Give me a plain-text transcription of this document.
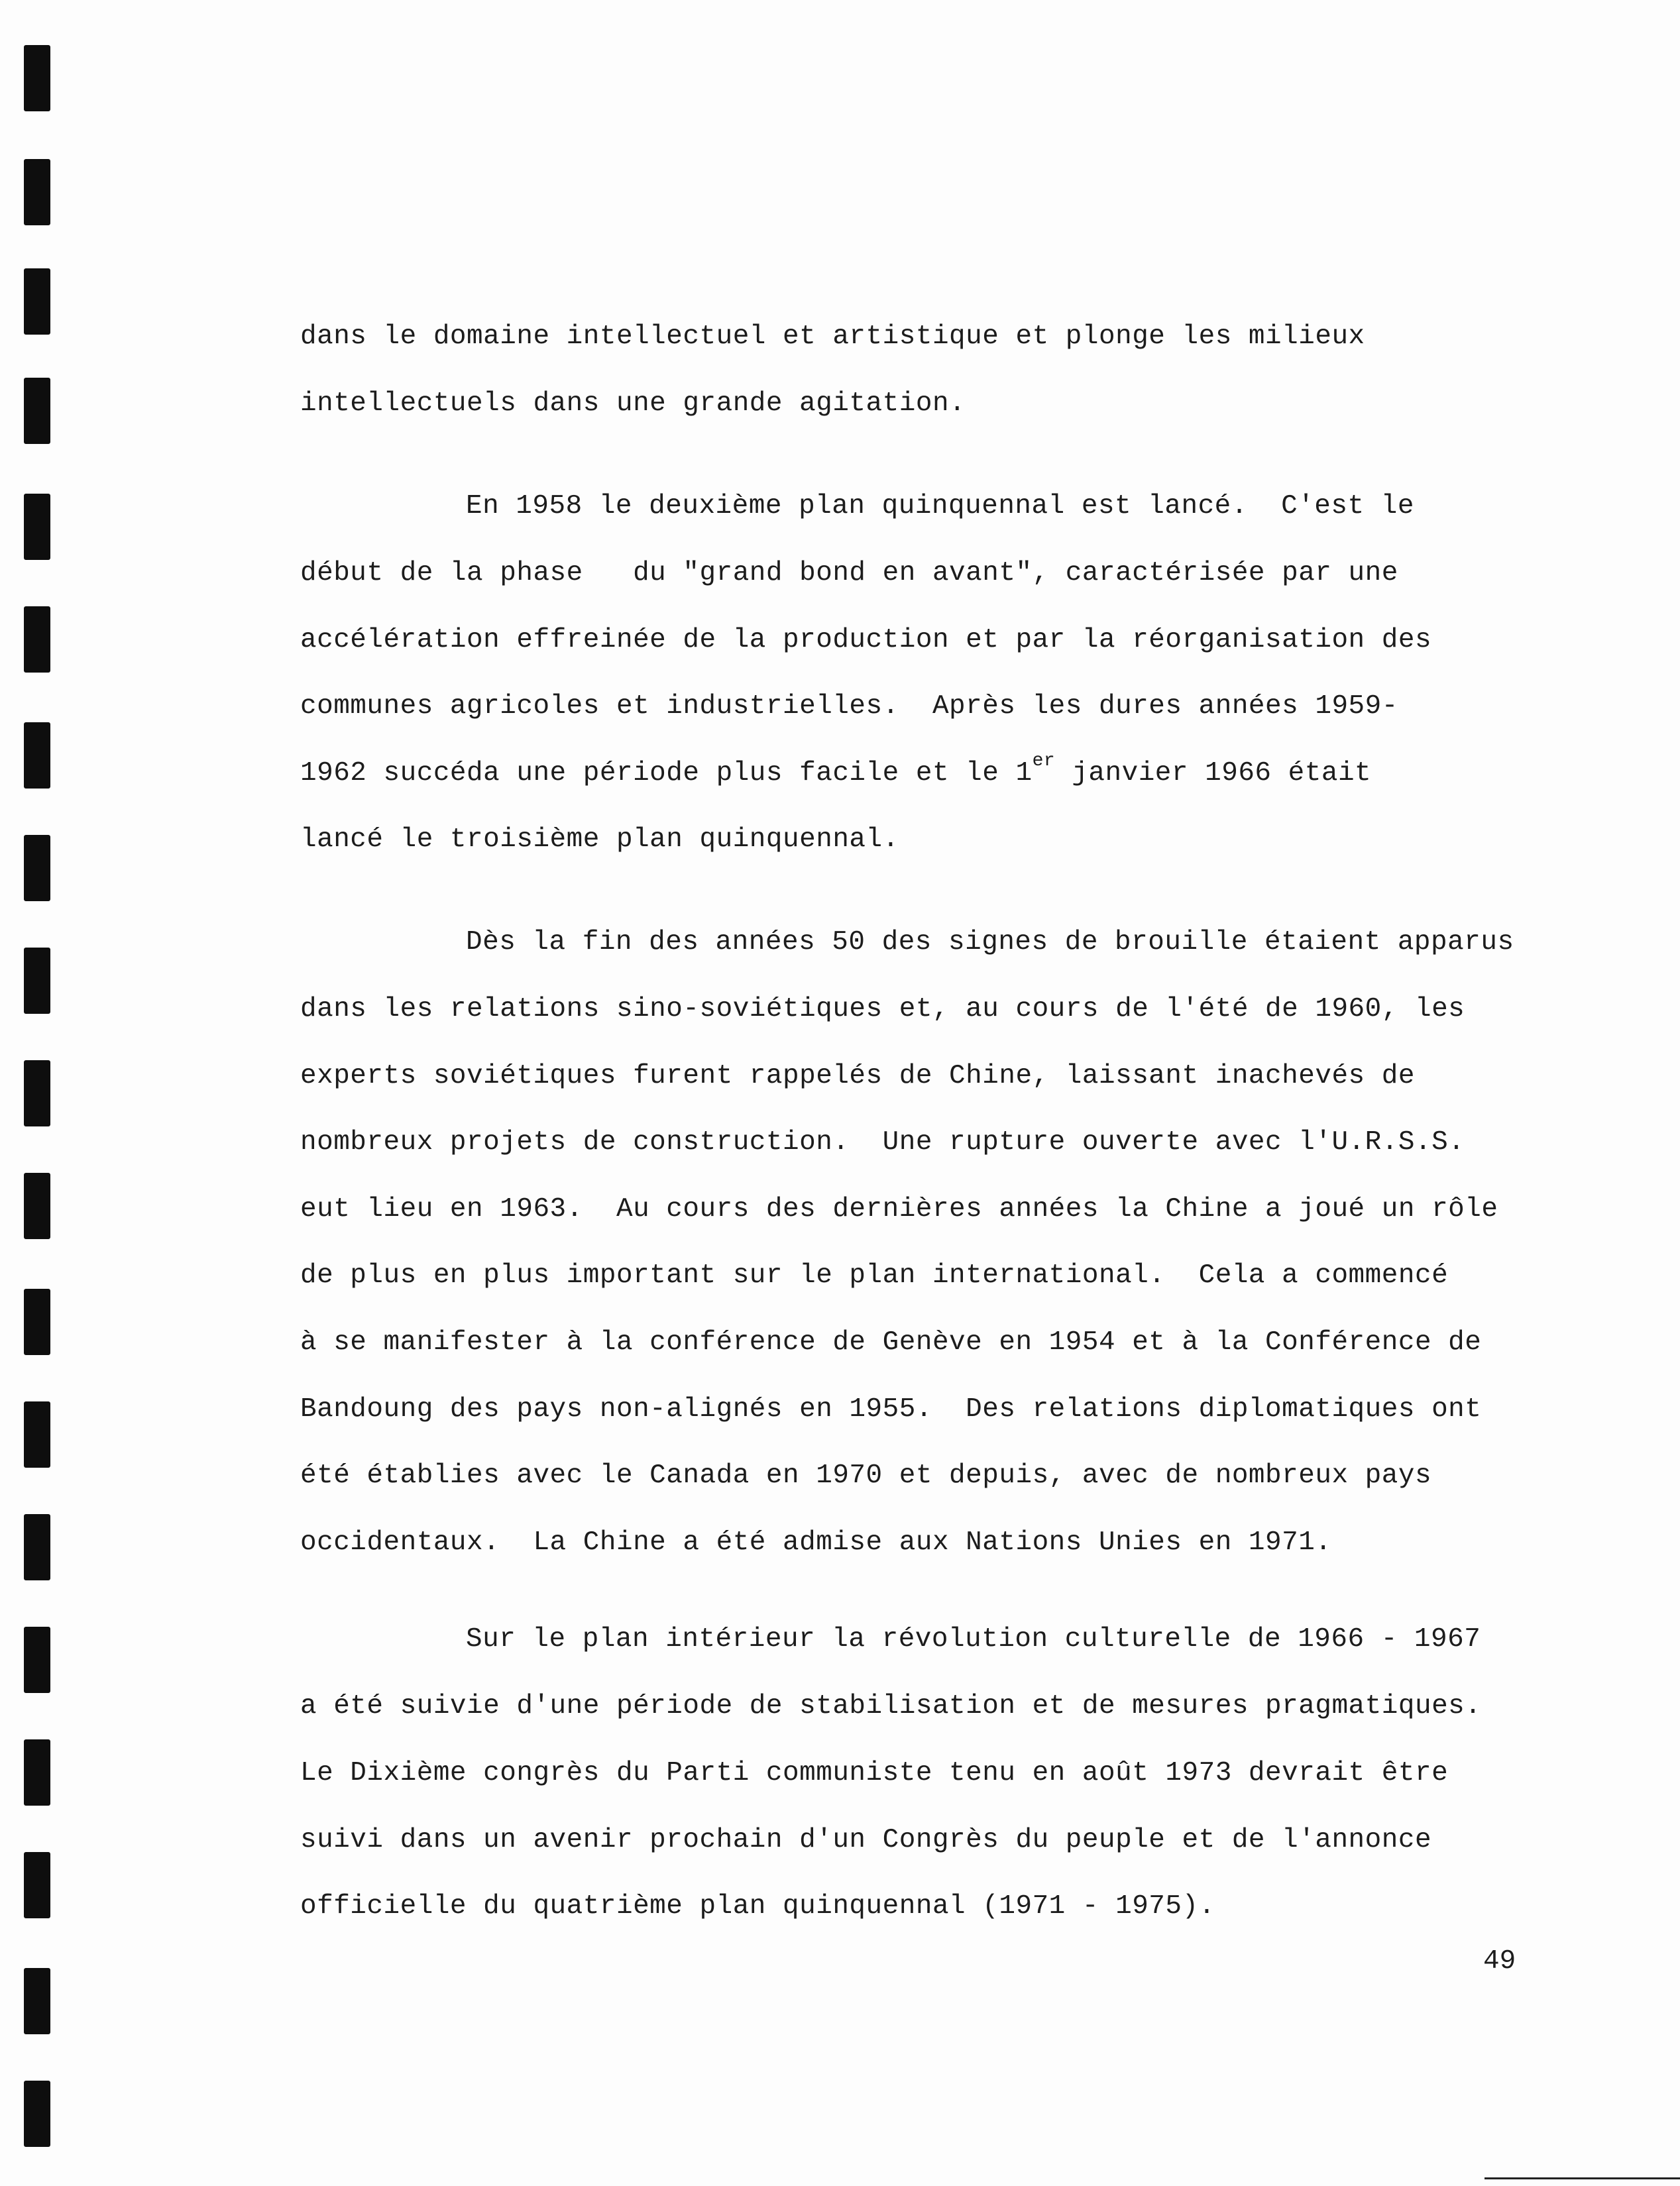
dans le domaine intellectuel et artistique et plonge les milieux
intellectuels dans une grande agitation.
En 1958 le deuxième plan quinquennal est lancé.  C'est le
début de la phase   du "grand bond en avant", caractérisée par une
accélération effreinée de la production et par la réorganisation des
communes agricoles et industrielles.  Après les dures années 1959-
1962 succéda une période plus facile et le 1er janvier 1966 était
lancé le troisième plan quinquennal.
Dès la fin des années 50 des signes de brouille étaient apparus
dans les relations sino-soviétiques et, au cours de l'été de 1960, les
experts soviétiques furent rappelés de Chine, laissant inachevés de
nombreux projets de construction.  Une rupture ouverte avec l'U.R.S.S.
eut lieu en 1963.  Au cours des dernières années la Chine a joué un rôle
de plus en plus important sur le plan international.  Cela a commencé
à se manifester à la conférence de Genève en 1954 et à la Conférence de
Bandoung des pays non-alignés en 1955.  Des relations diplomatiques ont
été établies avec le Canada en 1970 et depuis, avec de nombreux pays
occidentaux.  La Chine a été admise aux Nations Unies en 1971.
Sur le plan intérieur la révolution culturelle de 1966 - 1967
a été suivie d'une période de stabilisation et de mesures pragmatiques.
Le Dixième congrès du Parti communiste tenu en août 1973 devrait être
suivi dans un avenir prochain d'un Congrès du peuple et de l'annonce
officielle du quatrième plan quinquennal (1971 - 1975).
49
